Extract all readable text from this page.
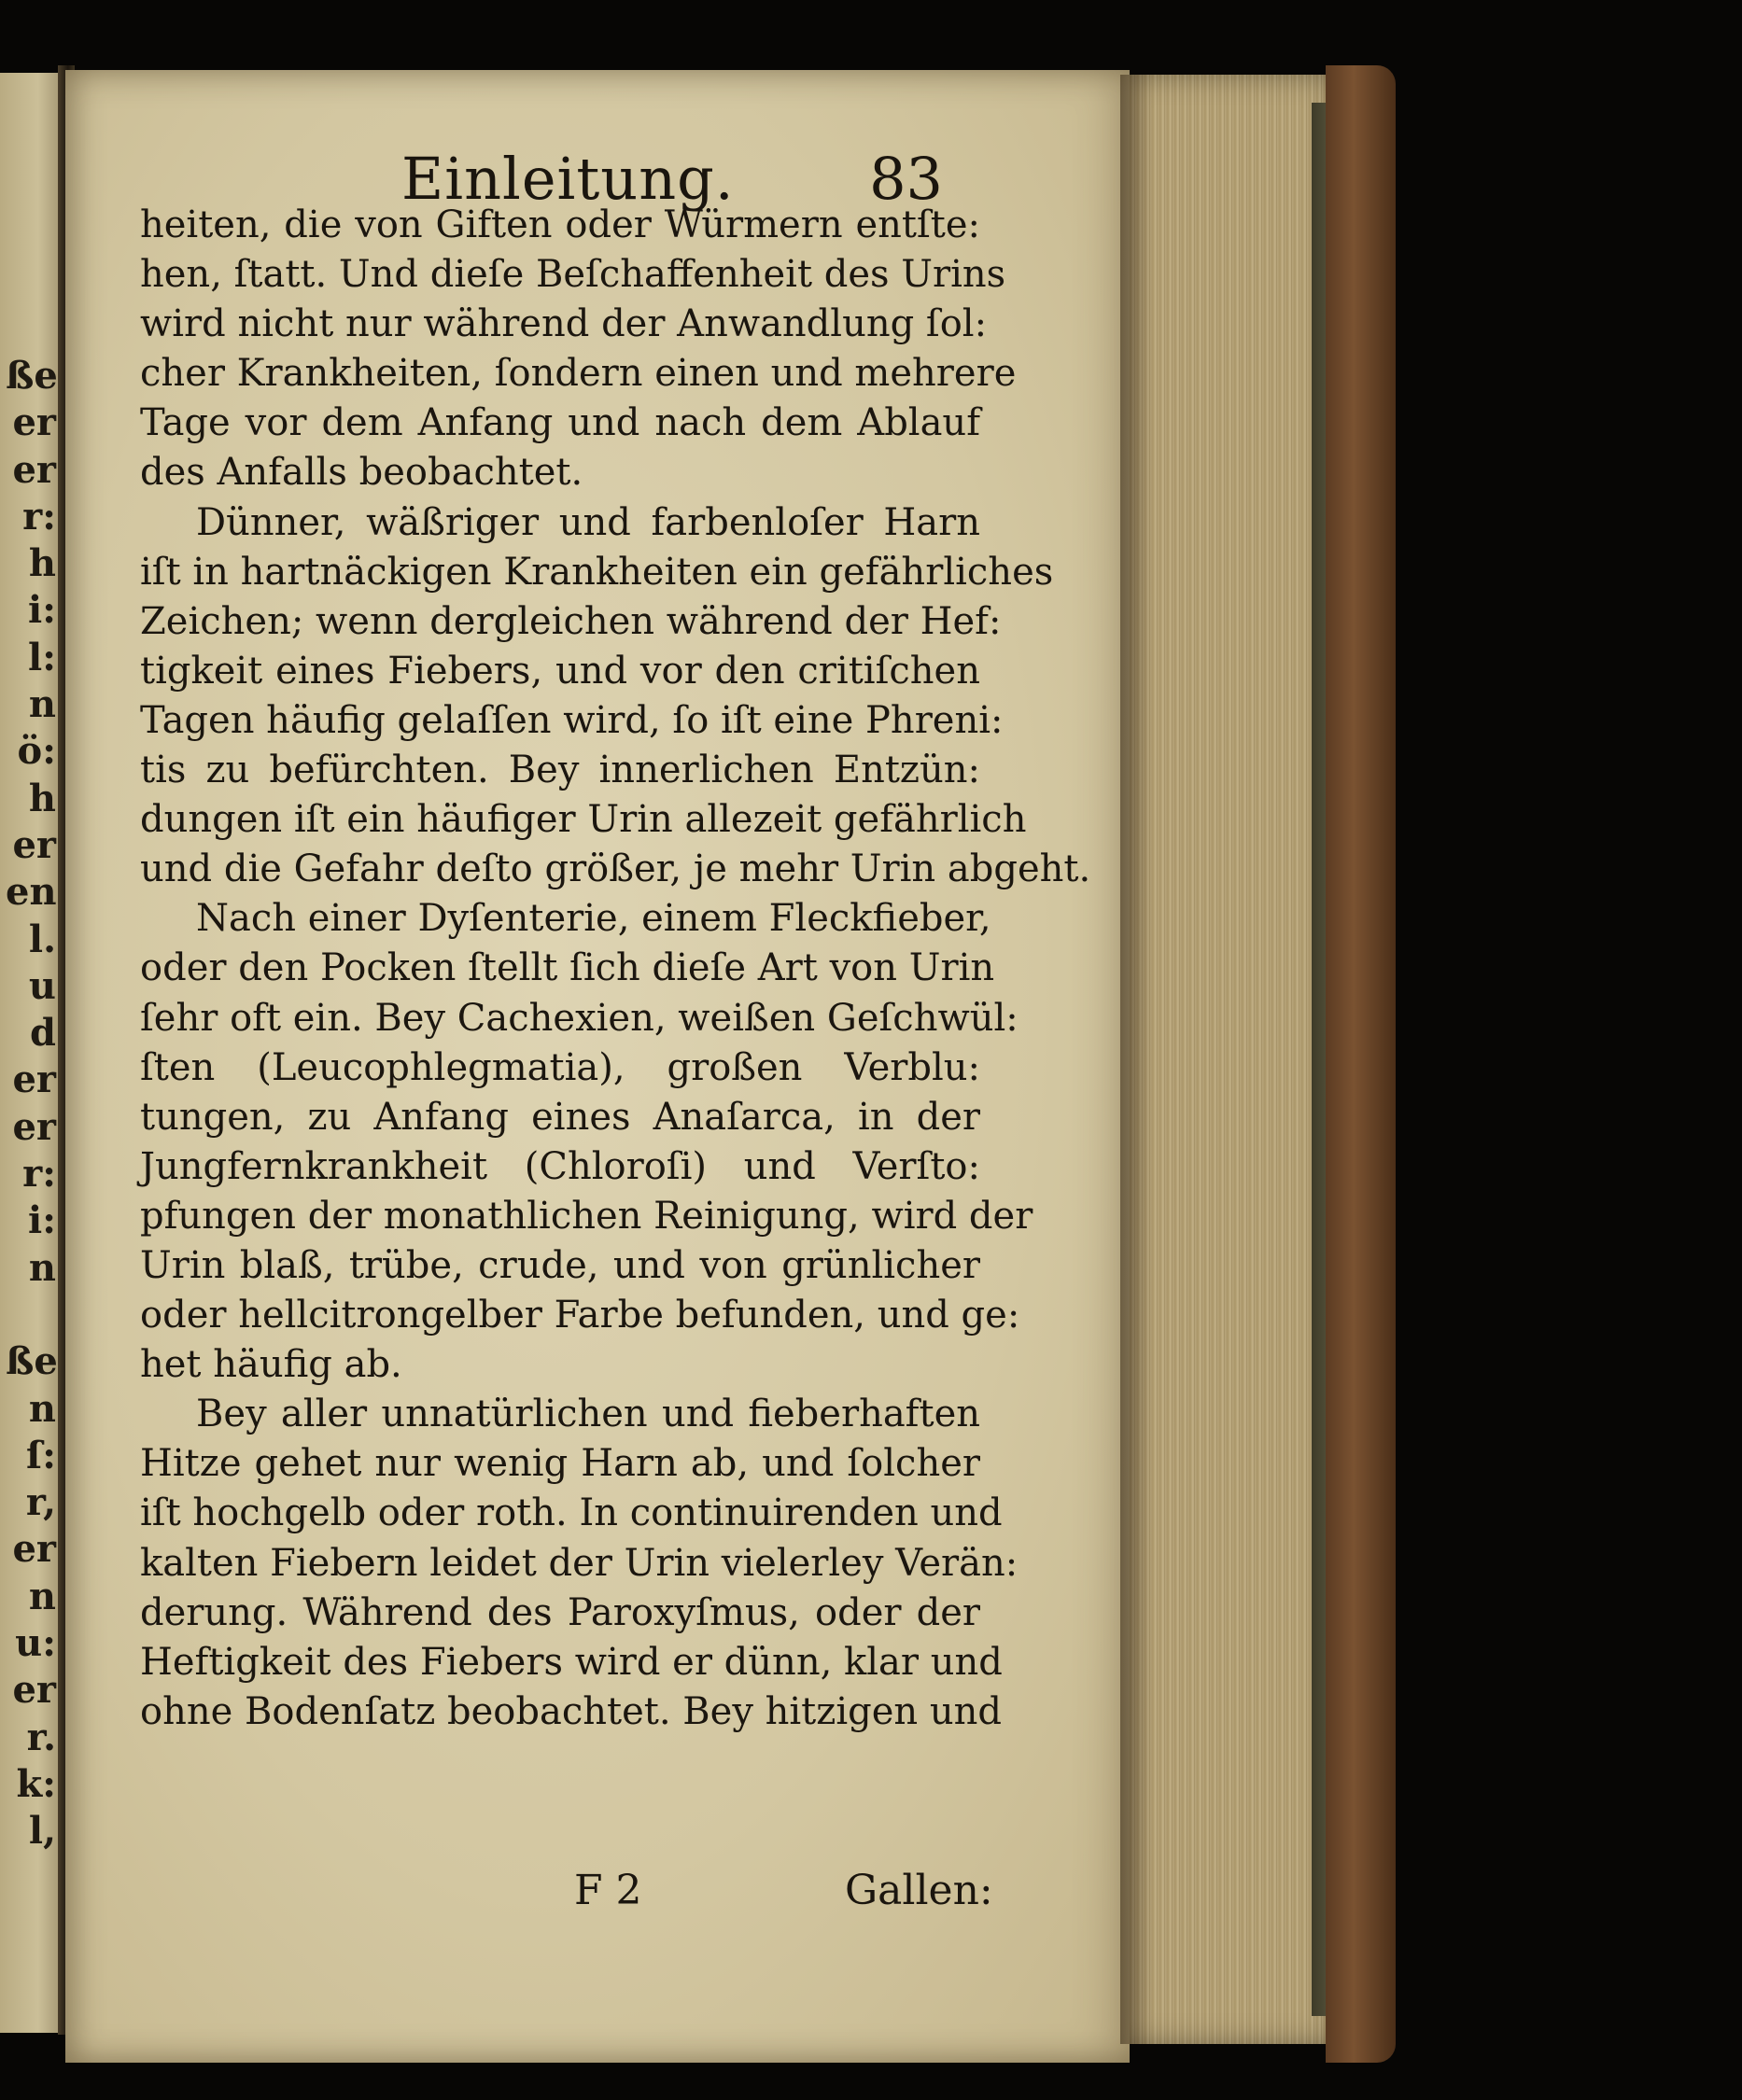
ße
er
er
r:
h
i:
l:
n
ö:
h
er
en
l.
u
d
er
er
r:
i:
n
ße
n
ſ:
r,
er
n
u:
er
r.
k:
l,
Einleitung. 83
heiten, die von Giften oder Würmern entſte:
hen, ſtatt. Und dieſe Beſchaffenheit des Urins
wird nicht nur während der Anwandlung ſol:
cher Krankheiten, ſondern einen und mehrere
Tage vor dem Anfang und nach dem Ablauf
des Anfalls beobachtet.
Dünner, wäßriger und farbenloſer Harn
iſt in hartnäckigen Krankheiten ein gefährliches
Zeichen; wenn dergleichen während der Hef:
tigkeit eines Fiebers, und vor den critiſchen
Tagen häufig gelaſſen wird, ſo iſt eine Phreni:
tis zu befürchten. Bey innerlichen Entzün:
dungen iſt ein häufiger Urin allezeit gefährlich
und die Gefahr deſto größer, je mehr Urin abgeht.
Nach einer Dyſenterie, einem Fleckfieber,
oder den Pocken ſtellt ſich dieſe Art von Urin
ſehr oft ein. Bey Cachexien, weißen Geſchwül:
ſten (Leucophlegmatia), großen Verblu:
tungen, zu Anfang eines Anaſarca, in der
Jungfernkrankheit (Chloroſi) und Verſto:
pfungen der monathlichen Reinigung, wird der
Urin blaß, trübe, crude, und von grünlicher
oder hellcitrongelber Farbe befunden, und ge:
het häufig ab.
Bey aller unnatürlichen und fieberhaften
Hitze gehet nur wenig Harn ab, und ſolcher
iſt hochgelb oder roth. In continuirenden und
kalten Fiebern leidet der Urin vielerley Verän:
derung. Während des Paroxyſmus, oder der
Heftigkeit des Fiebers wird er dünn, klar und
ohne Bodenſatz beobachtet. Bey hitzigen und
F 2	Gallen:
